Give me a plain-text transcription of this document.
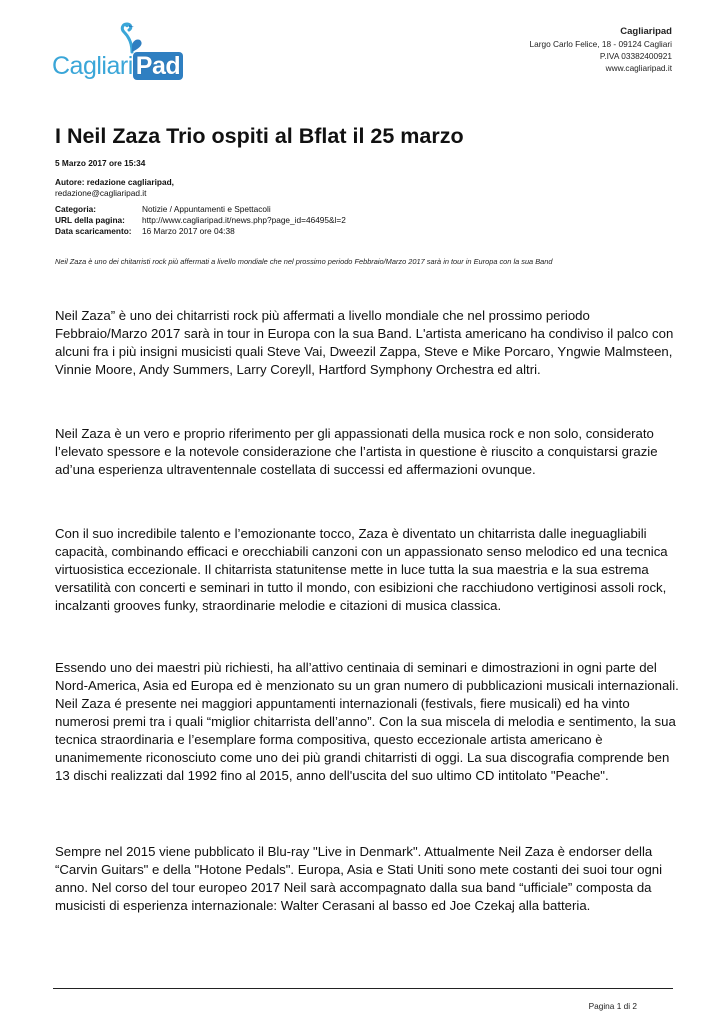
Cagliari Pad
Cagliaripad
Largo Carlo Felice, 18 - 09124 Cagliari
P.IVA 03382400921
www.cagliaripad.it
I Neil Zaza Trio ospiti al Bflat il 25 marzo
5 Marzo 2017 ore 15:34
Autore: redazione cagliaripad,
redazione@cagliaripad.it
Categoria:	Notizie / Appuntamenti e Spettacoli
URL della pagina:	http://www.cagliaripad.it/news.php?page_id=46495&l=2
Data scaricamento:	16 Marzo 2017 ore 04:38
Neil Zaza è uno dei chitarristi rock più affermati a livello mondiale che nel prossimo periodo Febbraio/Marzo 2017 sarà in tour in Europa con la sua Band
Neil Zaza” è uno dei chitarristi rock più affermati a livello mondiale che nel prossimo periodo Febbraio/Marzo 2017 sarà in tour in Europa con la sua Band. L'artista americano ha condiviso il palco con alcuni fra i più insigni musicisti quali Steve Vai, Dweezil Zappa, Steve e Mike Porcaro, Yngwie Malmsteen, Vinnie Moore, Andy Summers, Larry Coreyll, Hartford Symphony Orchestra ed altri.
Neil Zaza è un vero e proprio riferimento per gli appassionati della musica rock e non solo, considerato l’elevato spessore e la notevole considerazione che l’artista in questione è riuscito a conquistarsi grazie ad’una esperienza ultraventennale costellata di successi ed affermazioni ovunque.
Con il suo incredibile talento e l’emozionante tocco, Zaza è diventato un chitarrista dalle ineguagliabili capacità, combinando efficaci e orecchiabili canzoni con un appassionato senso melodico ed una tecnica virtuosistica eccezionale. Il chitarrista statunitense mette in luce tutta la sua maestria e la sua estrema versatilità con concerti e seminari in tutto il mondo, con esibizioni che racchiudono vertiginosi assoli rock, incalzanti grooves funky, straordinarie melodie e citazioni di musica classica.
Essendo uno dei maestri più richiesti, ha all’attivo centinaia di seminari e dimostrazioni in ogni parte del Nord-America, Asia ed Europa ed è menzionato su un gran numero di pubblicazioni musicali internazionali. Neil Zaza é presente nei maggiori appuntamenti internazionali (festivals, fiere musicali) ed ha vinto numerosi premi tra i quali “miglior chitarrista dell’anno”. Con la sua miscela di melodia e sentimento, la sua tecnica straordinaria e l’esemplare forma compositiva, questo eccezionale artista americano è unanimemente riconosciuto come uno dei più grandi chitarristi di oggi. La sua discografia comprende ben 13 dischi realizzati dal 1992 fino al 2015, anno dell'uscita del suo ultimo CD intitolato "Peache".
Sempre nel 2015 viene pubblicato il Blu-ray "Live in Denmark". Attualmente Neil Zaza è endorser della “Carvin Guitars" e della "Hotone Pedals". Europa, Asia e Stati Uniti sono mete costanti dei suoi tour ogni anno. Nel corso del tour europeo 2017 Neil sarà accompagnato dalla sua band “ufficiale” composta da musicisti di esperienza internazionale: Walter Cerasani al basso ed Joe Czekaj alla batteria.
Pagina 1 di 2
